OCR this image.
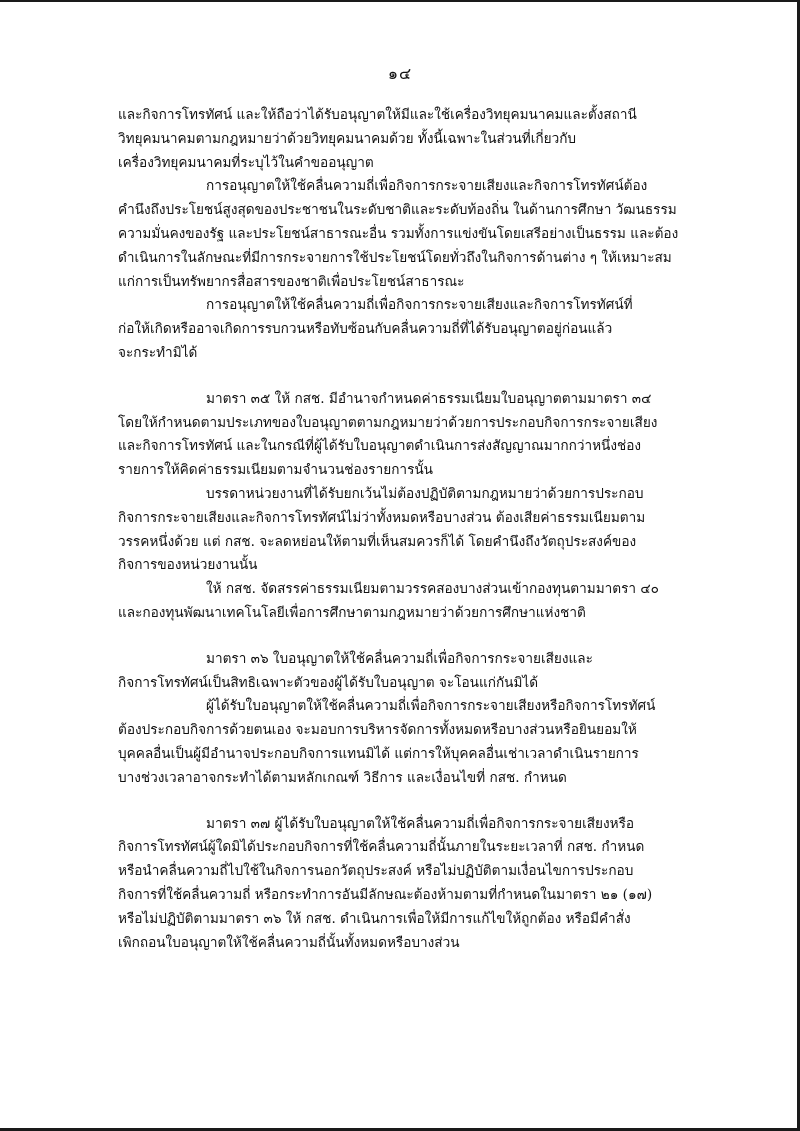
๑๔
และกิจการโทรทัศน์ และให้ถือว่าได้รับอนุญาตให้มีและใช้เครื่องวิทยุคมนาคมและตั้งสถานี
วิทยุคมนาคมตามกฎหมายว่าด้วยวิทยุคมนาคมด้วย ทั้งนี้เฉพาะในส่วนที่เกี่ยวกับ
เครื่องวิทยุคมนาคมที่ระบุไว้ในคำขออนุญาต
การอนุญาตให้ใช้คลื่นความถี่เพื่อกิจการกระจายเสียงและกิจการโทรทัศน์ต้อง
คำนึงถึงประโยชน์สูงสุดของประชาชนในระดับชาติและระดับท้องถิ่น ในด้านการศึกษา วัฒนธรรม
ความมั่นคงของรัฐ และประโยชน์สาธารณะอื่น รวมทั้งการแข่งขันโดยเสรีอย่างเป็นธรรม และต้อง
ดำเนินการในลักษณะที่มีการกระจายการใช้ประโยชน์โดยทั่วถึงในกิจการด้านต่าง ๆ ให้เหมาะสม
แก่การเป็นทรัพยากรสื่อสารของชาติเพื่อประโยชน์สาธารณะ
การอนุญาตให้ใช้คลื่นความถี่เพื่อกิจการกระจายเสียงและกิจการโทรทัศน์ที่
ก่อให้เกิดหรืออาจเกิดการรบกวนหรือทับซ้อนกับคลื่นความถี่ที่ได้รับอนุญาตอยู่ก่อนแล้ว
จะกระทำมิได้
มาตรา ๓๕ ให้ กสช. มีอำนาจกำหนดค่าธรรมเนียมใบอนุญาตตามมาตรา ๓๔
โดยให้กำหนดตามประเภทของใบอนุญาตตามกฎหมายว่าด้วยการประกอบกิจการกระจายเสียง
และกิจการโทรทัศน์ และในกรณีที่ผู้ได้รับใบอนุญาตดำเนินการส่งสัญญาณมากกว่าหนึ่งช่อง
รายการให้คิดค่าธรรมเนียมตามจำนวนช่องรายการนั้น
บรรดาหน่วยงานที่ได้รับยกเว้นไม่ต้องปฏิบัติตามกฎหมายว่าด้วยการประกอบ
กิจการกระจายเสียงและกิจการโทรทัศน์ไม่ว่าทั้งหมดหรือบางส่วน ต้องเสียค่าธรรมเนียมตาม
วรรคหนึ่งด้วย แต่ กสช. จะลดหย่อนให้ตามที่เห็นสมควรก็ได้ โดยคำนึงถึงวัตถุประสงค์ของ
กิจการของหน่วยงานนั้น
ให้ กสช. จัดสรรค่าธรรมเนียมตามวรรคสองบางส่วนเข้ากองทุนตามมาตรา ๔๐
และกองทุนพัฒนาเทคโนโลยีเพื่อการศึกษาตามกฎหมายว่าด้วยการศึกษาแห่งชาติ
มาตรา ๓๖ ใบอนุญาตให้ใช้คลื่นความถี่เพื่อกิจการกระจายเสียงและ
กิจการโทรทัศน์เป็นสิทธิเฉพาะตัวของผู้ได้รับใบอนุญาต จะโอนแก่กันมิได้
ผู้ได้รับใบอนุญาตให้ใช้คลื่นความถี่เพื่อกิจการกระจายเสียงหรือกิจการโทรทัศน์
ต้องประกอบกิจการด้วยตนเอง จะมอบการบริหารจัดการทั้งหมดหรือบางส่วนหรือยินยอมให้
บุคคลอื่นเป็นผู้มีอำนาจประกอบกิจการแทนมิได้ แต่การให้บุคคลอื่นเช่าเวลาดำเนินรายการ
บางช่วงเวลาอาจกระทำได้ตามหลักเกณฑ์ วิธีการ และเงื่อนไขที่ กสช. กำหนด
มาตรา ๓๗ ผู้ได้รับใบอนุญาตให้ใช้คลื่นความถี่เพื่อกิจการกระจายเสียงหรือ
กิจการโทรทัศน์ผู้ใดมิได้ประกอบกิจการที่ใช้คลื่นความถี่นั้นภายในระยะเวลาที่ กสช. กำหนด
หรือนำคลื่นความถี่ไปใช้ในกิจการนอกวัตถุประสงค์ หรือไม่ปฏิบัติตามเงื่อนไขการประกอบ
กิจการที่ใช้คลื่นความถี่ หรือกระทำการอันมีลักษณะต้องห้ามตามที่กำหนดในมาตรา ๒๑ (๑๗)
หรือไม่ปฏิบัติตามมาตรา ๓๖ ให้ กสช. ดำเนินการเพื่อให้มีการแก้ไขให้ถูกต้อง หรือมีคำสั่ง
เพิกถอนใบอนุญาตให้ใช้คลื่นความถี่นั้นทั้งหมดหรือบางส่วน
